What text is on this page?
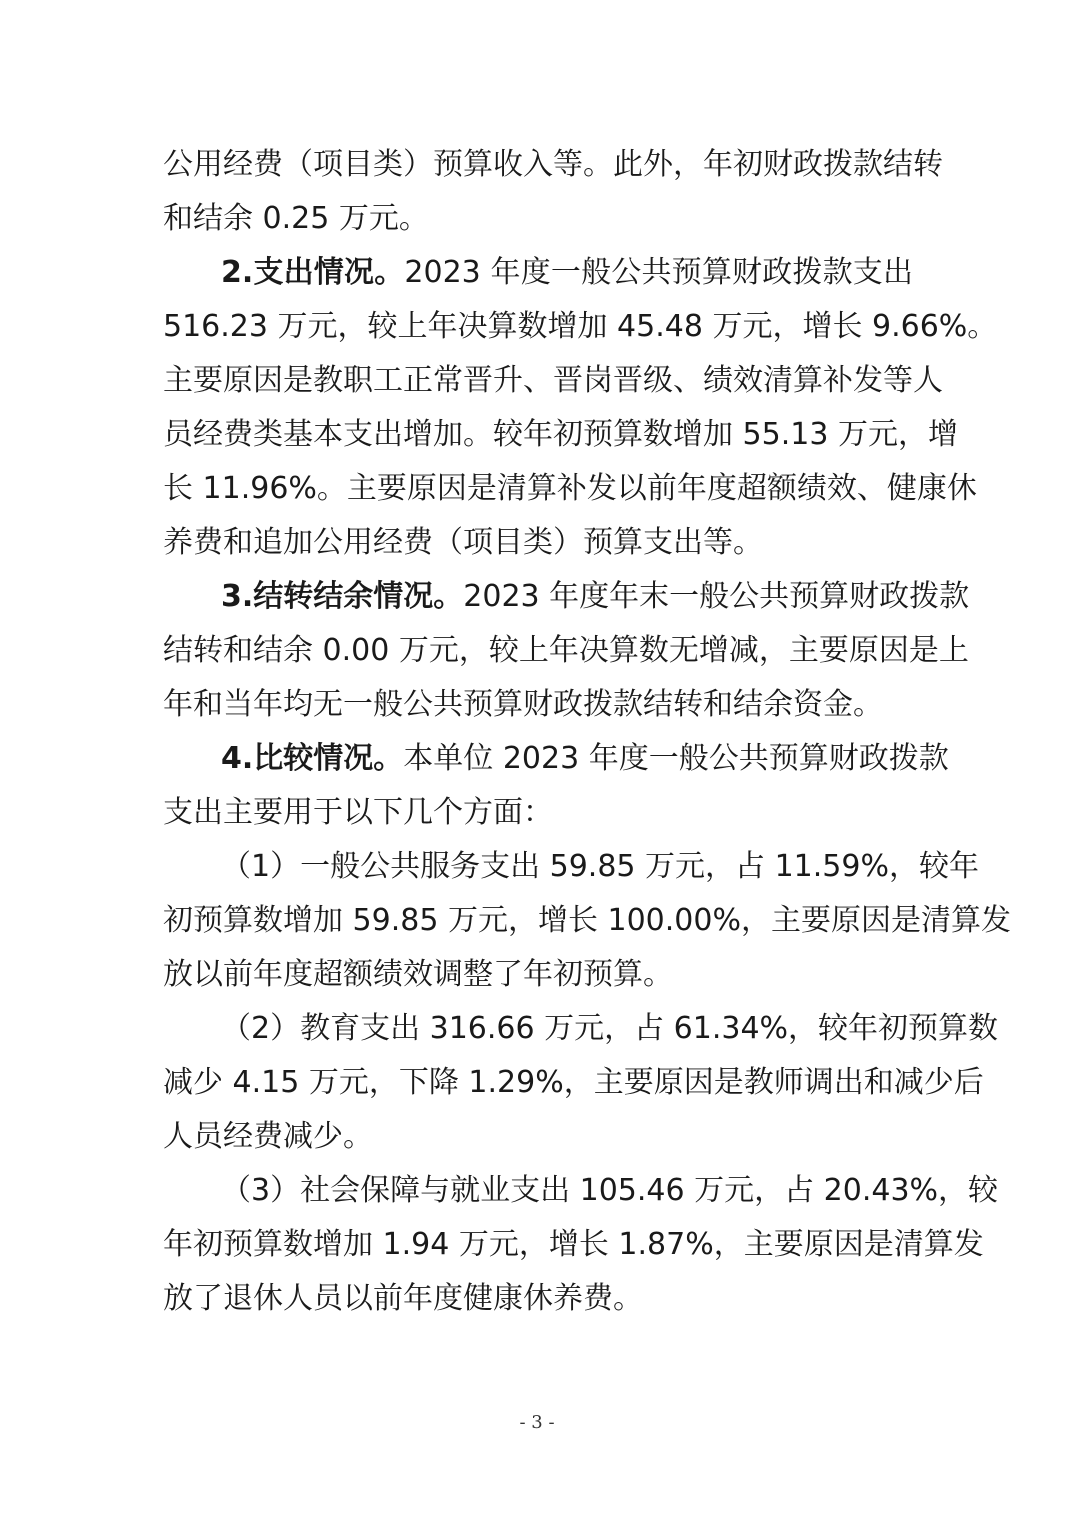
公用经费（项目类）预算收入等。此外，年初财政拨款结转
和结余 0.25 万元。
2.支出情况。2023 年度一般公共预算财政拨款支出
516.23 万元，较上年决算数增加 45.48 万元，增长 9.66%。
主要原因是教职工正常晋升、晋岗晋级、绩效清算补发等人
员经费类基本支出增加。较年初预算数增加 55.13 万元，增
长 11.96%。主要原因是清算补发以前年度超额绩效、健康休
养费和追加公用经费（项目类）预算支出等。
3.结转结余情况。2023 年度年末一般公共预算财政拨款
结转和结余 0.00 万元，较上年决算数无增减，主要原因是上
年和当年均无一般公共预算财政拨款结转和结余资金。
4.比较情况。本单位 2023 年度一般公共预算财政拨款
支出主要用于以下几个方面：
（1）一般公共服务支出 59.85 万元，占 11.59%，较年
初预算数增加 59.85 万元，增长 100.00%，主要原因是清算发
放以前年度超额绩效调整了年初预算。
（2）教育支出 316.66 万元，占 61.34%，较年初预算数
减少 4.15 万元，下降 1.29%，主要原因是教师调出和减少后
人员经费减少。
（3）社会保障与就业支出 105.46 万元，占 20.43%，较
年初预算数增加 1.94 万元，增长 1.87%，主要原因是清算发
放了退休人员以前年度健康休养费。
- 3 -
